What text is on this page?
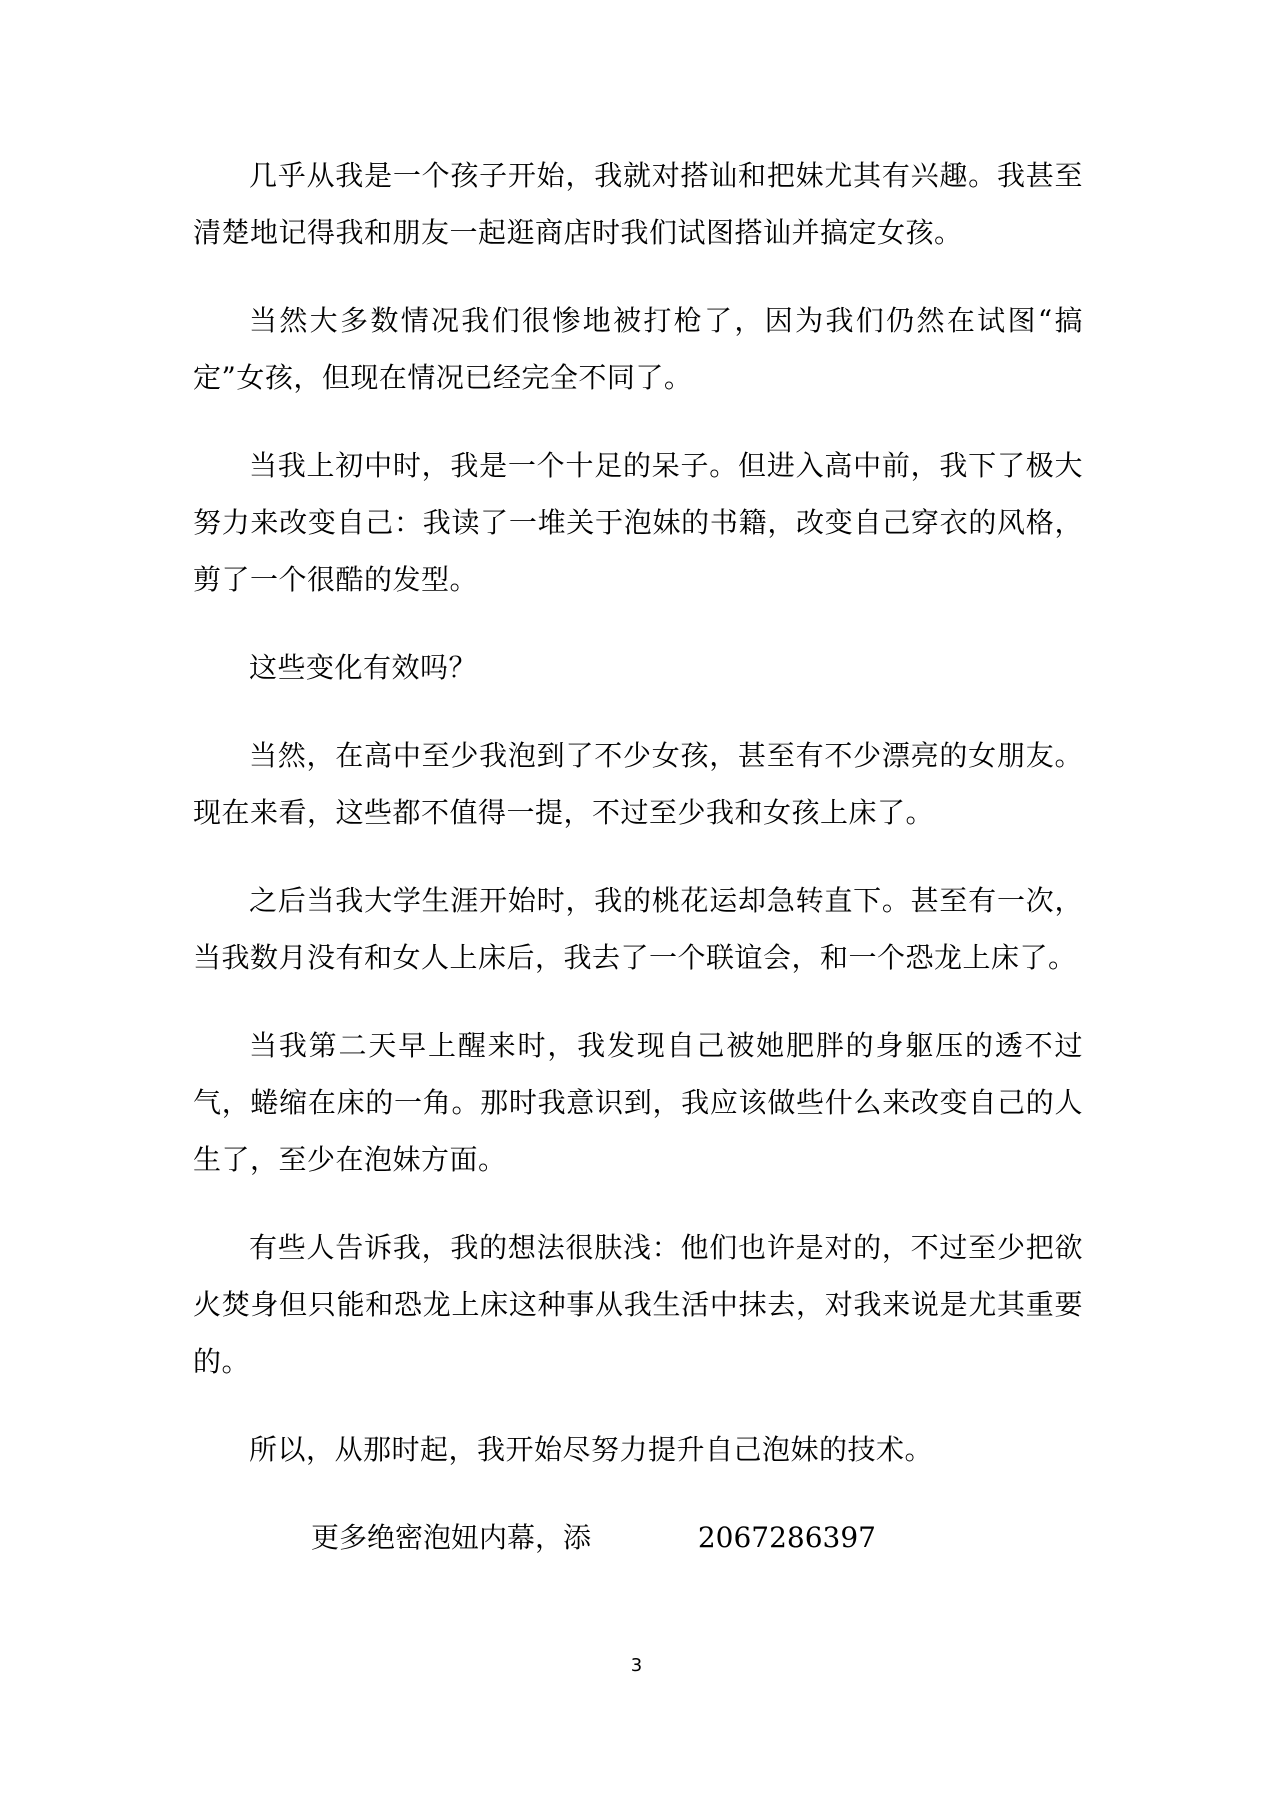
几乎从我是一个孩子开始，我就对搭讪和把妹尤其有兴趣。我甚至清楚地记得我和朋友一起逛商店时我们试图搭讪并搞定女孩。

当然大多数情况我们很惨地被打枪了，因为我们仍然在试图“搞定”女孩，但现在情况已经完全不同了。

当我上初中时，我是一个十足的呆子。但进入高中前，我下了极大努力来改变自己：我读了一堆关于泡妹的书籍，改变自己穿衣的风格，剪了一个很酷的发型。

这些变化有效吗？

当然，在高中至少我泡到了不少女孩，甚至有不少漂亮的女朋友。现在来看，这些都不值得一提，不过至少我和女孩上床了。

之后当我大学生涯开始时，我的桃花运却急转直下。甚至有一次，当我数月没有和女人上床后，我去了一个联谊会，和一个恐龙上床了。

当我第二天早上醒来时，我发现自己被她肥胖的身躯压的透不过气，蜷缩在床的一角。那时我意识到，我应该做些什么来改变自己的人生了，至少在泡妹方面。

有些人告诉我，我的想法很肤浅：他们也许是对的，不过至少把欲火焚身但只能和恐龙上床这种事从我生活中抹去，对我来说是尤其重要的。

所以，从那时起，我开始尽努力提升自己泡妹的技术。

更多绝密泡妞内幕，添	2067286397

3
